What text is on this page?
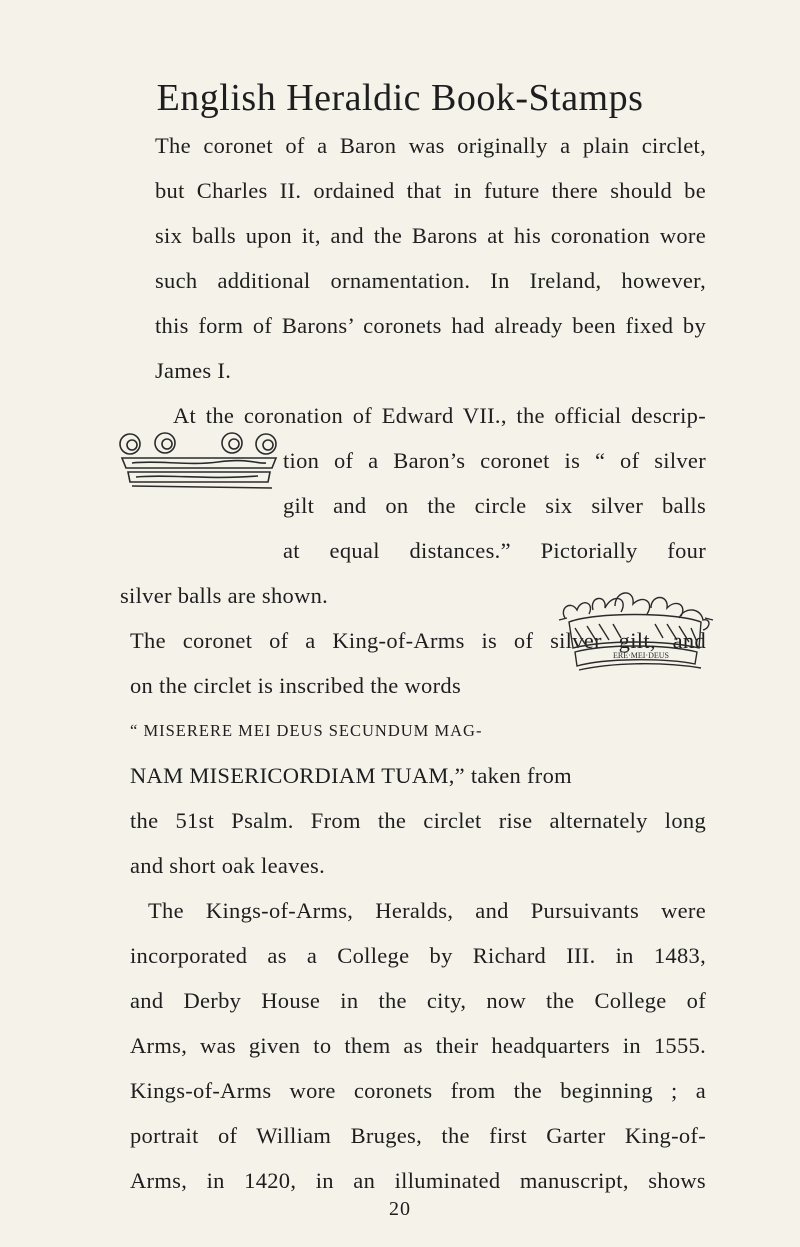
English Heraldic Book-Stamps
The coronet of a Baron was originally a plain circlet,
but Charles II. ordained that in future there should be
six balls upon it, and the Barons at his coronation wore
such additional ornamentation. In Ireland, however,
this form of Barons’ coronets had already been fixed by
James I.
At the coronation of Edward VII., the official descrip-
tion of a Baron’s coronet is “ of silver
gilt and on the circle six silver balls
at equal distances.” Pictorially four
silver balls are shown.
The coronet of a King-of-Arms is of silver gilt, and
on the circlet is inscribed the words
“ MISERERE MEI DEUS SECUNDUM MAG-
NAM MISERICORDIAM TUAM,” taken from
the 51st Psalm. From the circlet rise alternately long
and short oak leaves.
The Kings-of-Arms, Heralds, and Pursuivants were
incorporated as a College by Richard III. in 1483,
and Derby House in the city, now the College of
Arms, was given to them as their headquarters in 1555.
Kings-of-Arms wore coronets from the beginning ; a
portrait of William Bruges, the first Garter King-of-
Arms, in 1420, in an illuminated manuscript, shows
ERE·MEI·DEUS
20
